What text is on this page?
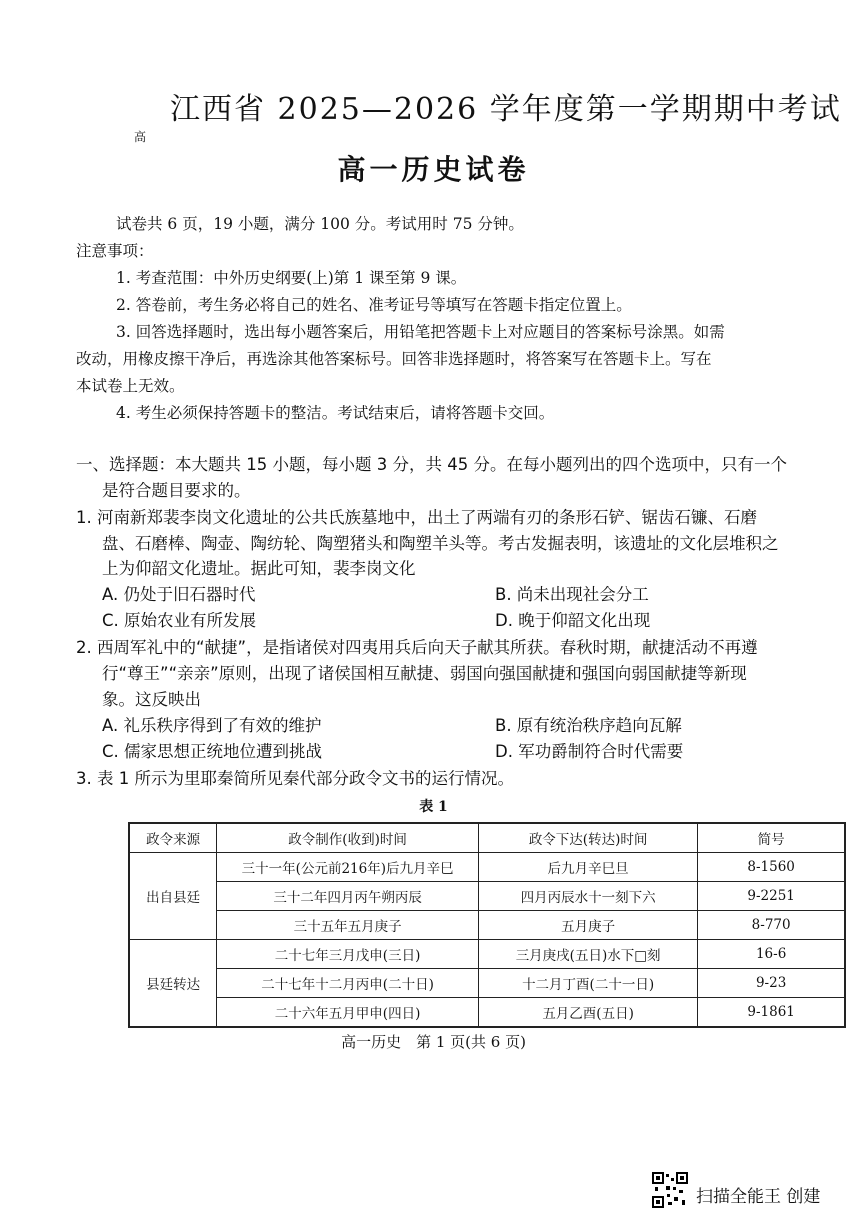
江西省 2025—2026 学年度第一学期期中考试
高
高一历史试卷
试卷共 6 页，19 小题，满分 100 分。考试用时 75 分钟。
注意事项：
1. 考查范围：中外历史纲要(上)第 1 课至第 9 课。
2. 答卷前，考生务必将自己的姓名、准考证号等填写在答题卡指定位置上。
3. 回答选择题时，选出每小题答案后，用铅笔把答题卡上对应题目的答案标号涂黑。如需
改动，用橡皮擦干净后，再选涂其他答案标号。回答非选择题时，将答案写在答题卡上。写在
本试卷上无效。
4. 考生必须保持答题卡的整洁。考试结束后，请将答题卡交回。
一、选择题：本大题共 15 小题，每小题 3 分，共 45 分。在每小题列出的四个选项中，只有一个
是符合题目要求的。
1. 河南新郑裴李岗文化遗址的公共氏族墓地中，出土了两端有刃的条形石铲、锯齿石镰、石磨
盘、石磨棒、陶壶、陶纺轮、陶塑猪头和陶塑羊头等。考古发掘表明，该遗址的文化层堆积之
上为仰韶文化遗址。据此可知，裴李岗文化
A. 仍处于旧石器时代	B. 尚未出现社会分工
C. 原始农业有所发展	D. 晚于仰韶文化出现
2. 西周军礼中的“献捷”，是指诸侯对四夷用兵后向天子献其所获。春秋时期，献捷活动不再遵
行“尊王”“亲亲”原则，出现了诸侯国相互献捷、弱国向强国献捷和强国向弱国献捷等新现
象。这反映出
A. 礼乐秩序得到了有效的维护	B. 原有统治秩序趋向瓦解
C. 儒家思想正统地位遭到挑战	D. 军功爵制符合时代需要
3. 表 1 所示为里耶秦简所见秦代部分政令文书的运行情况。
表 1
政令来源	政令制作(收到)时间	政令下达(转达)时间	简号
出自县廷	三十一年(公元前216年)后九月辛巳	后九月辛巳旦	8-1560
	三十二年四月丙午朔丙辰	四月丙辰水十一刻下六	9-2251
	三十五年五月庚子	五月庚子	8-770
县廷转达	二十七年三月戊申(三日)	三月庚戌(五日)水下□刻	16-6
	二十七年十二月丙申(二十日)	十二月丁酉(二十一日)	9-23
	二十六年五月甲申(四日)	五月乙酉(五日)	9-1861
高一历史　第 1 页(共 6 页)
扫描全能王 创建
